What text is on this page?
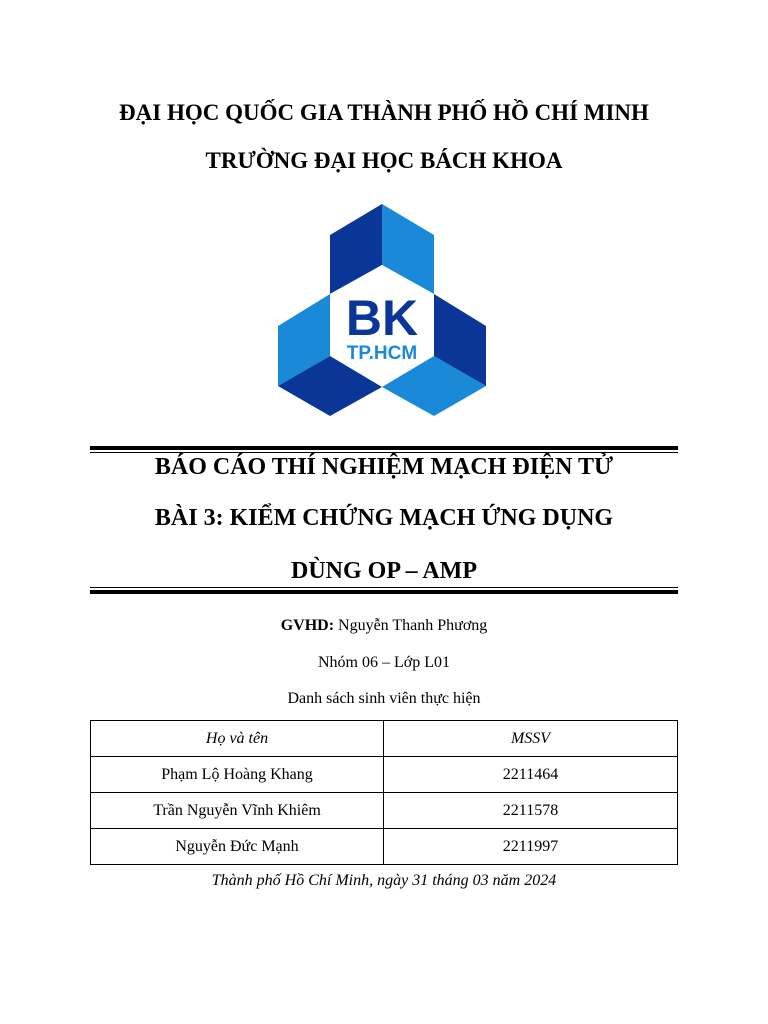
ĐẠI HỌC QUỐC GIA THÀNH PHỐ HỒ CHÍ MINH
TRƯỜNG ĐẠI HỌC BÁCH KHOA
BK
TP.HCM
BÁO CÁO THÍ NGHIỆM MẠCH ĐIỆN TỬ
BÀI 3: KIỂM CHỨNG MẠCH ỨNG DỤNG
DÙNG OP – AMP
GVHD: Nguyễn Thanh Phương
Nhóm 06 – Lớp L01
Danh sách sinh viên thực hiện
Họ và tên	MSSV
Phạm Lộ Hoàng Khang	2211464
Trần Nguyễn Vĩnh Khiêm	2211578
Nguyễn Đức Mạnh	2211997
Thành phố Hồ Chí Minh, ngày 31 tháng 03 năm 2024
